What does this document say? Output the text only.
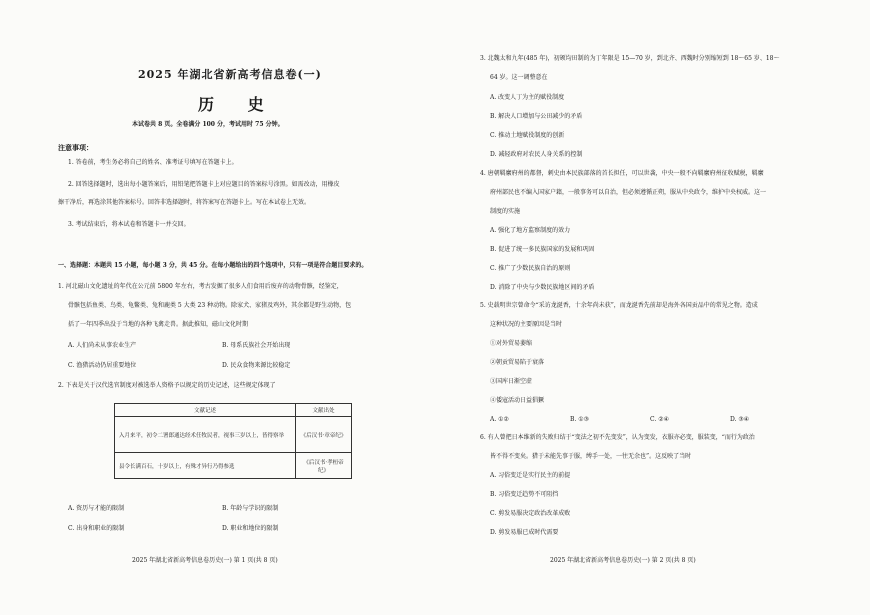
2025 年湖北省新高考信息卷(一)
历 史
本试卷共 8 页。全卷满分 100 分，考试用时 75 分钟。
注意事项：
1. 答卷前，考生务必将自己的姓名、准考证号填写在答题卡上。
2. 回答选择题时，选出每小题答案后，用铅笔把答题卡上对应题目的答案标号涂黑。如需改动，用橡皮
擦干净后，再选涂其他答案标号。回答非选择题时，将答案写在答题卡上。写在本试卷上无效。
3. 考试结束后，将本试卷和答题卡一并交回。
一、选择题：本题共 15 小题，每小题 3 分，共 45 分。在每小题给出的四个选项中，只有一项是符合题目要求的。
1. 河北磁山文化遗址的年代在公元前 5800 年左右，考古发掘了很多人们食用后废弃的动物骨骸，经鉴定，
骨骸包括鱼类、鸟类、龟鳖类、兔和鹿类 5 大类 23 种动物。除家犬、家猪及鸡外，其余都是野生动物，包
括了一年四季出没于当地的各种飞禽走兽。据此推知，磁山文化时期
A. 人们尚未从事农业生产	B. 母系氏族社会开始出现
C. 渔猎活动仍居重要地位	D. 民众食物来源比较稳定
2. 下表是关于汉代选官制度对被选举人资格予以规定的历史记述，这些规定体现了
文献记述	文献出处
入月来平，初令二署郎通达经术任牧民者，视事三岁以上，皆得察举	《后汉书·章帝纪》
县令长满百石，十岁以上，有殊才异行乃得参选	《后汉书·孝桓帝纪》
A. 资历与才能的限制	B. 年龄与学识的限制
C. 出身和职业的限制	D. 职业和地位的限制
2025 年湖北省新高考信息卷历史(一) 第 1 页(共 8 页)
3. 北魏太和九年(485 年)，初颁均田制的为丁年限是 15—70 岁，到北齐、西魏时分别缩短到 18～65 岁、18～
64 岁。这一调整意在
A. 改变人丁为主的赋役制度
B. 解决人口增加与公田减少的矛盾
C. 推动土地赋役制度的创新
D. 减轻政府对农民人身关系的控制
4. 唐朝羁縻府州的都督，刺史由本民族部落的首长担任，可以世袭，中央一般不向羁縻府州征收赋税，羁縻
府州部民也不编入国家户籍，一般事务可以自治，但必须遵循正朔，服从中央政令，维护中央权威。这一
制度的实施
A. 强化了地方监察制度的效力
B. 促进了统一多民族国家的发展和巩固
C. 推广了少数民族自治的原则
D. 消除了中央与少数民族地区间的矛盾
5. 史载明世宗曾命令“采访龙涎香，十余年尚未获”，而龙涎香先前却是海外各国贡品中的常见之物。造成
这种状况的主要原因是当时
①对外贸易萎缩
②朝贡贸易陷于衰落
③国库日渐空虚
④倭寇活动日益猖獗
A. ①②	B. ①③	C. ②④	D. ③④
6. 有人曾把日本维新的失败归结于“变法之初不先变发”，认为变发，衣服亦必变，服装变，“而行为政治
皆不得不变矣。猎于未能先事于服，缚手一处，一往无余也”。这反映了当时
A. 习俗变迁是实行民主的前提
B. 习俗变迁趋势不可阻挡
C. 剪发易服决定政治改革成败
D. 剪发易服已成时代需要
2025 年湖北省新高考信息卷历史(一) 第 2 页(共 8 页)
